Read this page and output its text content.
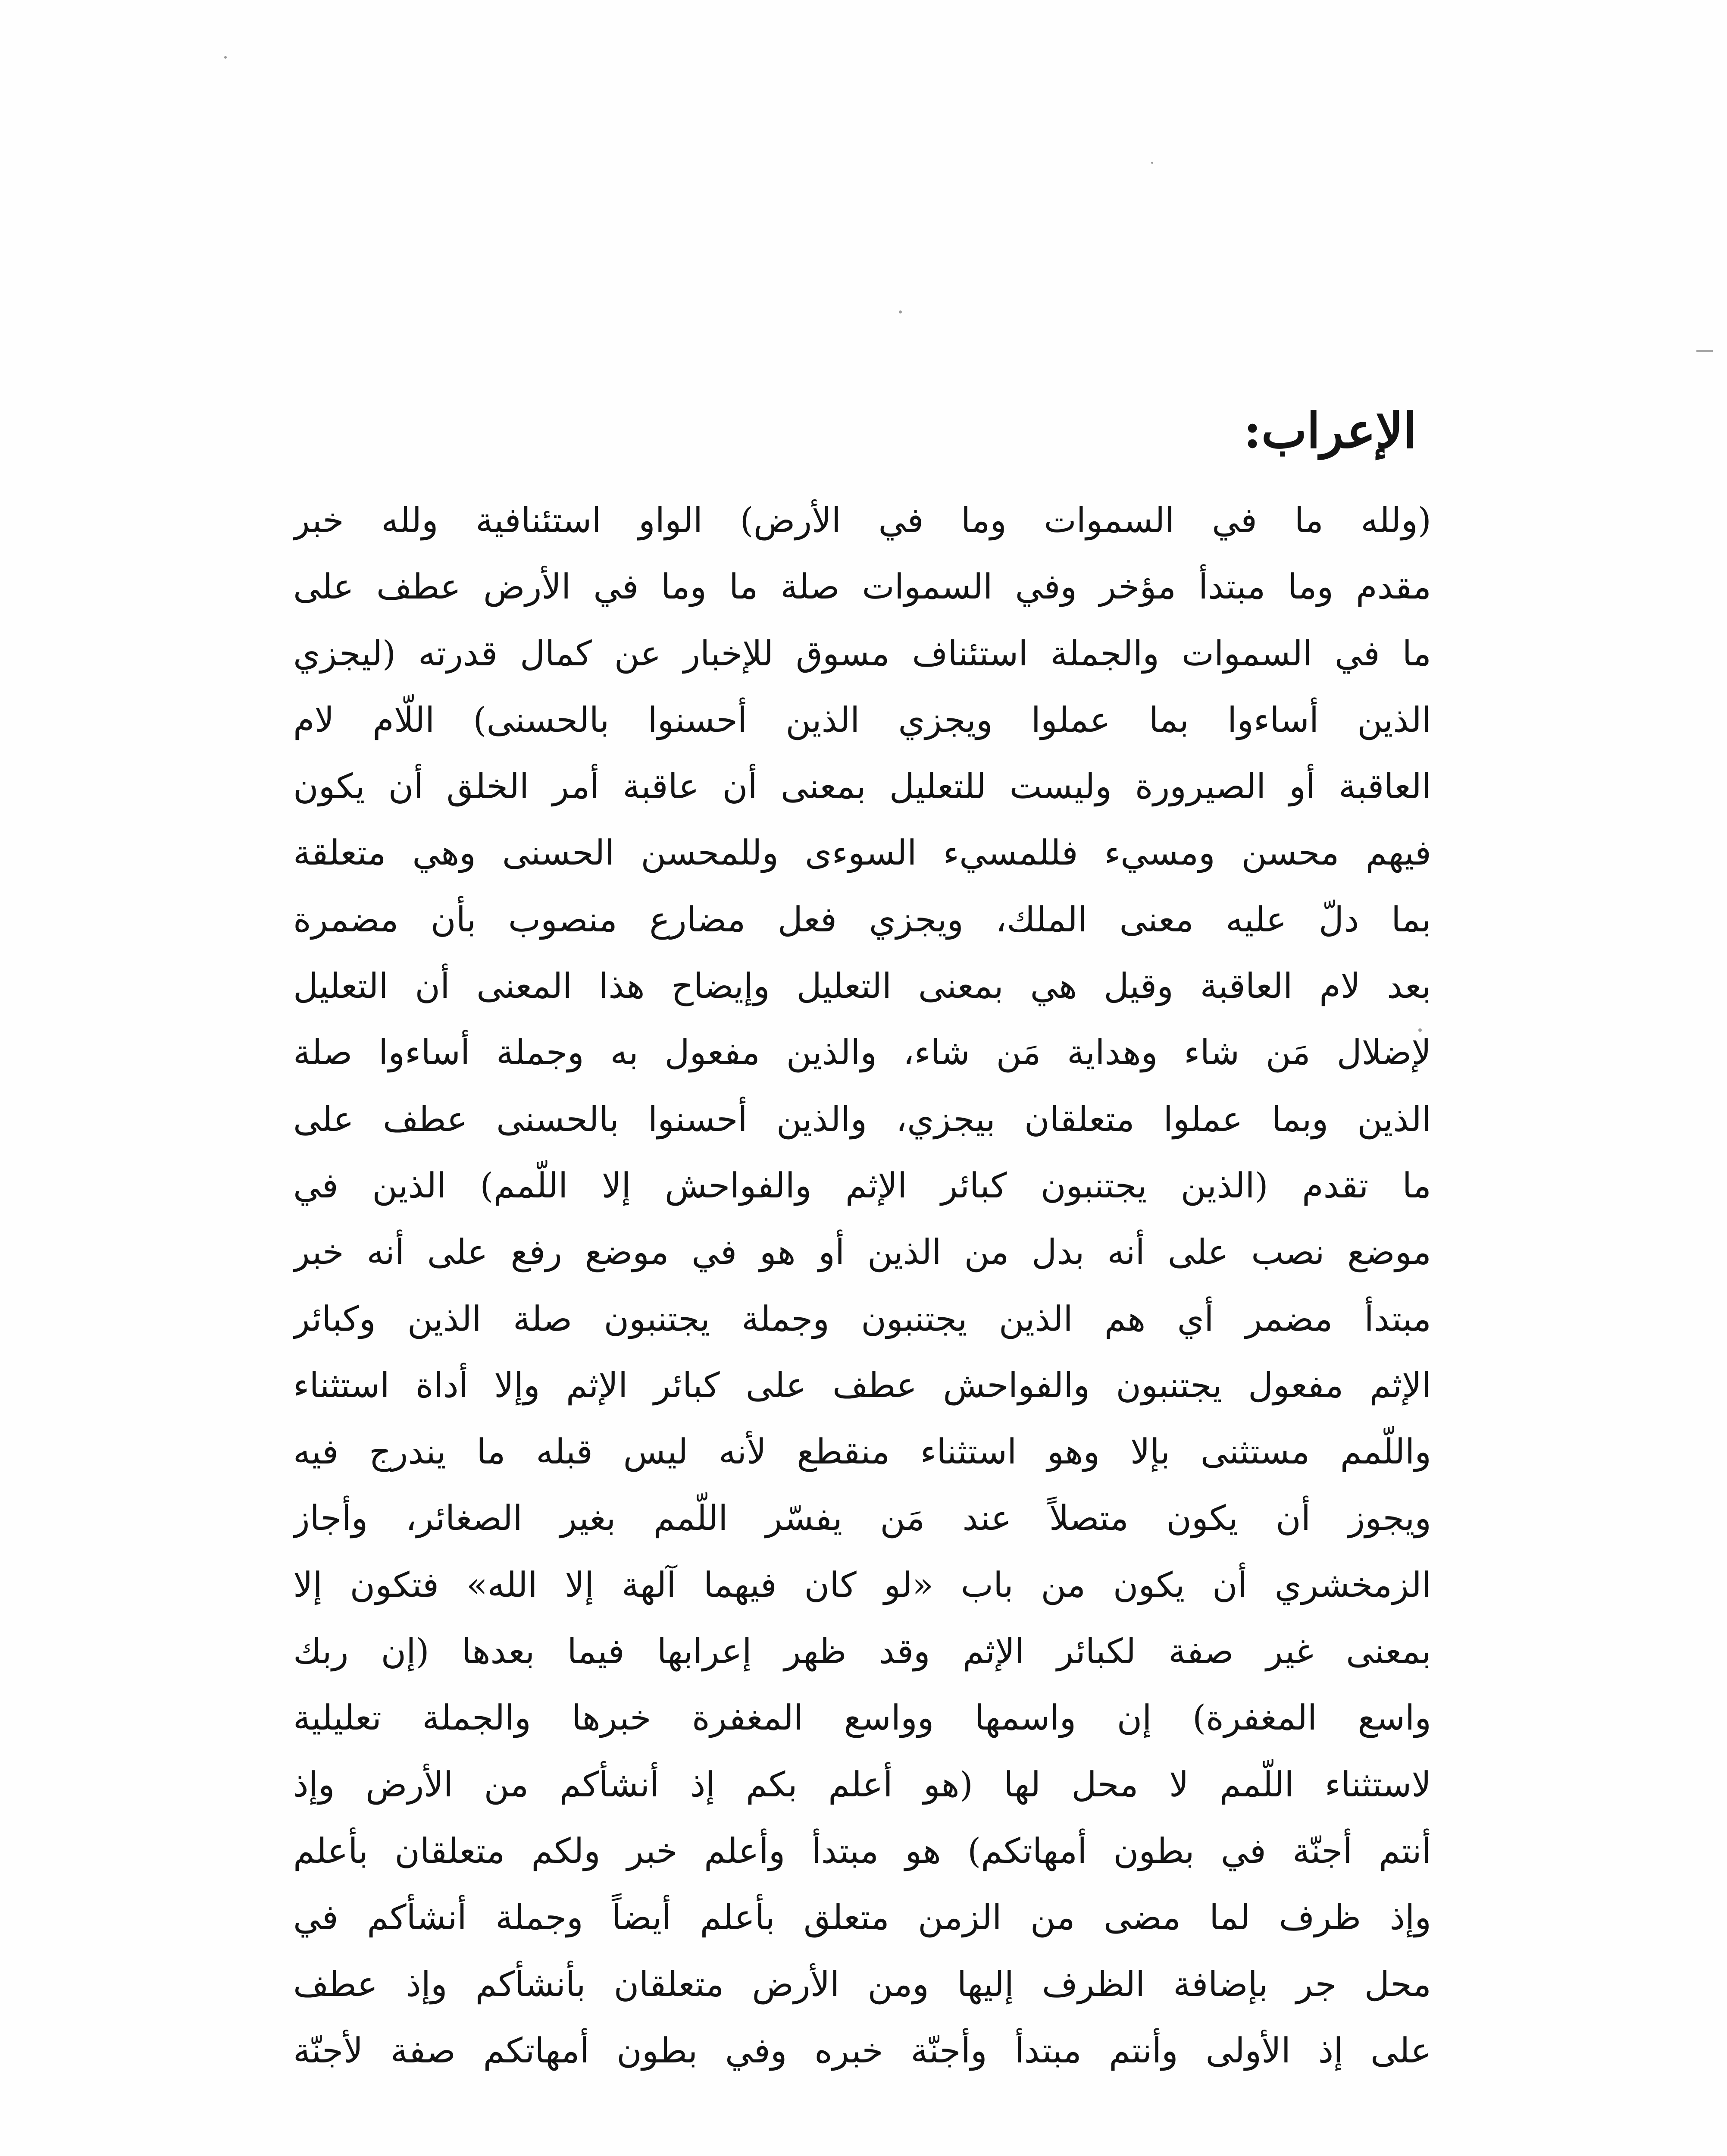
الإعراب:
(ولله ما في السموات وما في الأرض) الواو استئنافية ولله خبر
مقدم وما مبتدأ مؤخر وفي السموات صلة ما وما في الأرض عطف على
ما في السموات والجملة استئناف مسوق للإخبار عن كمال قدرته (ليجزي
الذين أساءوا بما عملوا ويجزي الذين أحسنوا بالحسنى) اللّام لام
العاقبة أو الصيرورة وليست للتعليل بمعنى أن عاقبة أمر الخلق أن يكون
فيهم محسن ومسيء فللمسيء السوءى وللمحسن الحسنى وهي متعلقة
بما دلّ عليه معنى الملك، ويجزي فعل مضارع منصوب بأن مضمرة
بعد لام العاقبة وقيل هي بمعنى التعليل وإيضاح هذا المعنى أن التعليل
لإضلال مَن شاء وهداية مَن شاء، والذين مفعول به وجملة أساءوا صلة
الذين وبما عملوا متعلقان بيجزي، والذين أحسنوا بالحسنى عطف على
ما تقدم (الذين يجتنبون كبائر الإثم والفواحش إلا اللّمم) الذين في
موضع نصب على أنه بدل من الذين أو هو في موضع رفع على أنه خبر
مبتدأ مضمر أي هم الذين يجتنبون وجملة يجتنبون صلة الذين وكبائر
الإثم مفعول يجتنبون والفواحش عطف على كبائر الإثم وإلا أداة استثناء
واللّمم مستثنى بإلا وهو استثناء منقطع لأنه ليس قبله ما يندرج فيه
ويجوز أن يكون متصلاً عند مَن يفسّر اللّمم بغير الصغائر، وأجاز
الزمخشري أن يكون من باب «لو كان فيهما آلهة إلا الله» فتكون إلا
بمعنى غير صفة لكبائر الإثم وقد ظهر إعرابها فيما بعدها (إن ربك
واسع المغفرة) إن واسمها وواسع المغفرة خبرها والجملة تعليلية
لاستثناء اللّمم لا محل لها (هو أعلم بكم إذ أنشأكم من الأرض وإذ
أنتم أجنّة في بطون أمهاتكم) هو مبتدأ وأعلم خبر ولكم متعلقان بأعلم
وإذ ظرف لما مضى من الزمن متعلق بأعلم أيضاً وجملة أنشأكم في
محل جر بإضافة الظرف إليها ومن الأرض متعلقان بأنشأكم وإذ عطف
على إذ الأولى وأنتم مبتدأ وأجنّة خبره وفي بطون أمهاتكم صفة لأجنّة
